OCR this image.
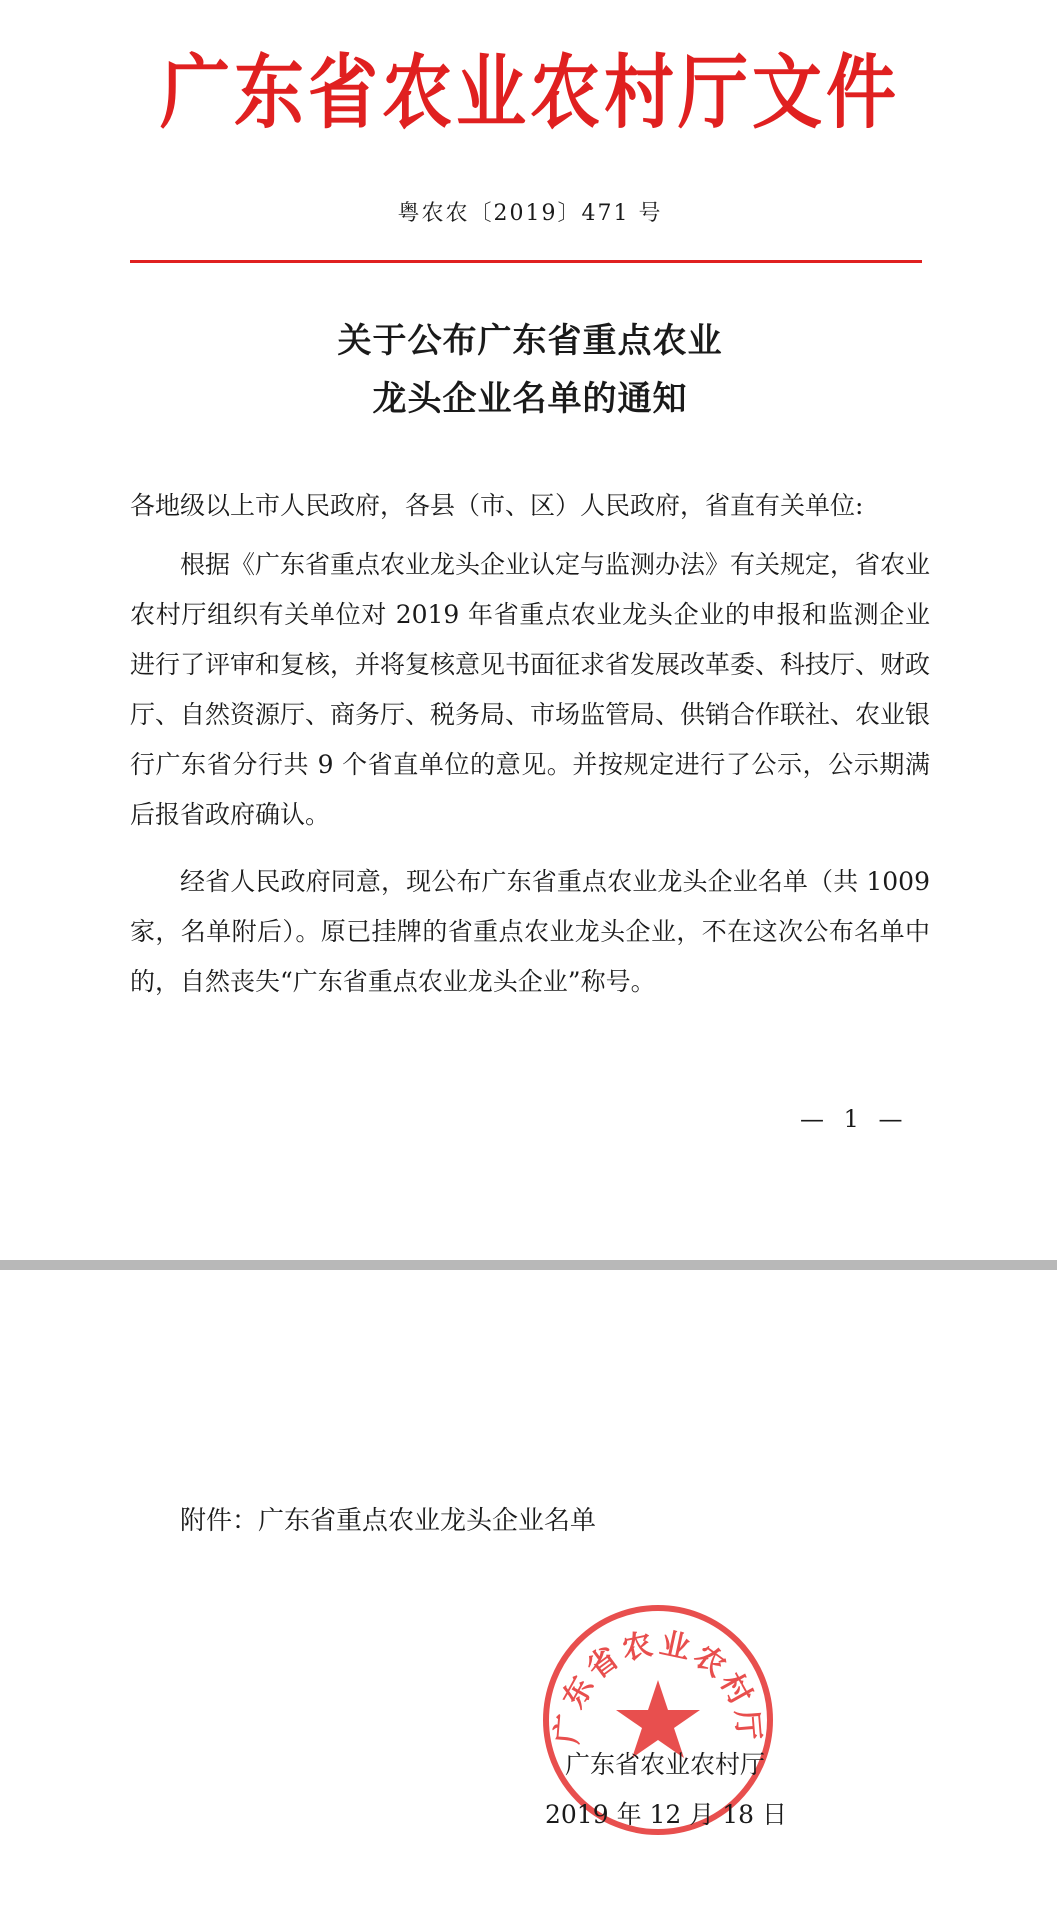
广东省农业农村厅文件
粤农农〔2019〕471 号
关于公布广东省重点农业
龙头企业名单的通知
各地级以上市人民政府，各县（市、区）人民政府，省直有关单位:
根据《广东省重点农业龙头企业认定与监测办法》有关规定，省农业农村厅组织有关单位对 2019 年省重点农业龙头企业的申报和监测企业进行了评审和复核，并将复核意见书面征求省发展改革委、科技厅、财政厅、自然资源厅、商务厅、税务局、市场监管局、供销合作联社、农业银行广东省分行共 9 个省直单位的意见。并按规定进行了公示，公示期满后报省政府确认。
经省人民政府同意，现公布广东省重点农业龙头企业名单（共 1009 家，名单附后）。原已挂牌的省重点农业龙头企业，不在这次公布名单中的，自然丧失“广东省重点农业龙头企业”称号。
— 1 —
附件：广东省重点农业龙头企业名单
广东省农业农村厅
广东省农业农村厅
2019 年 12 月 18 日
